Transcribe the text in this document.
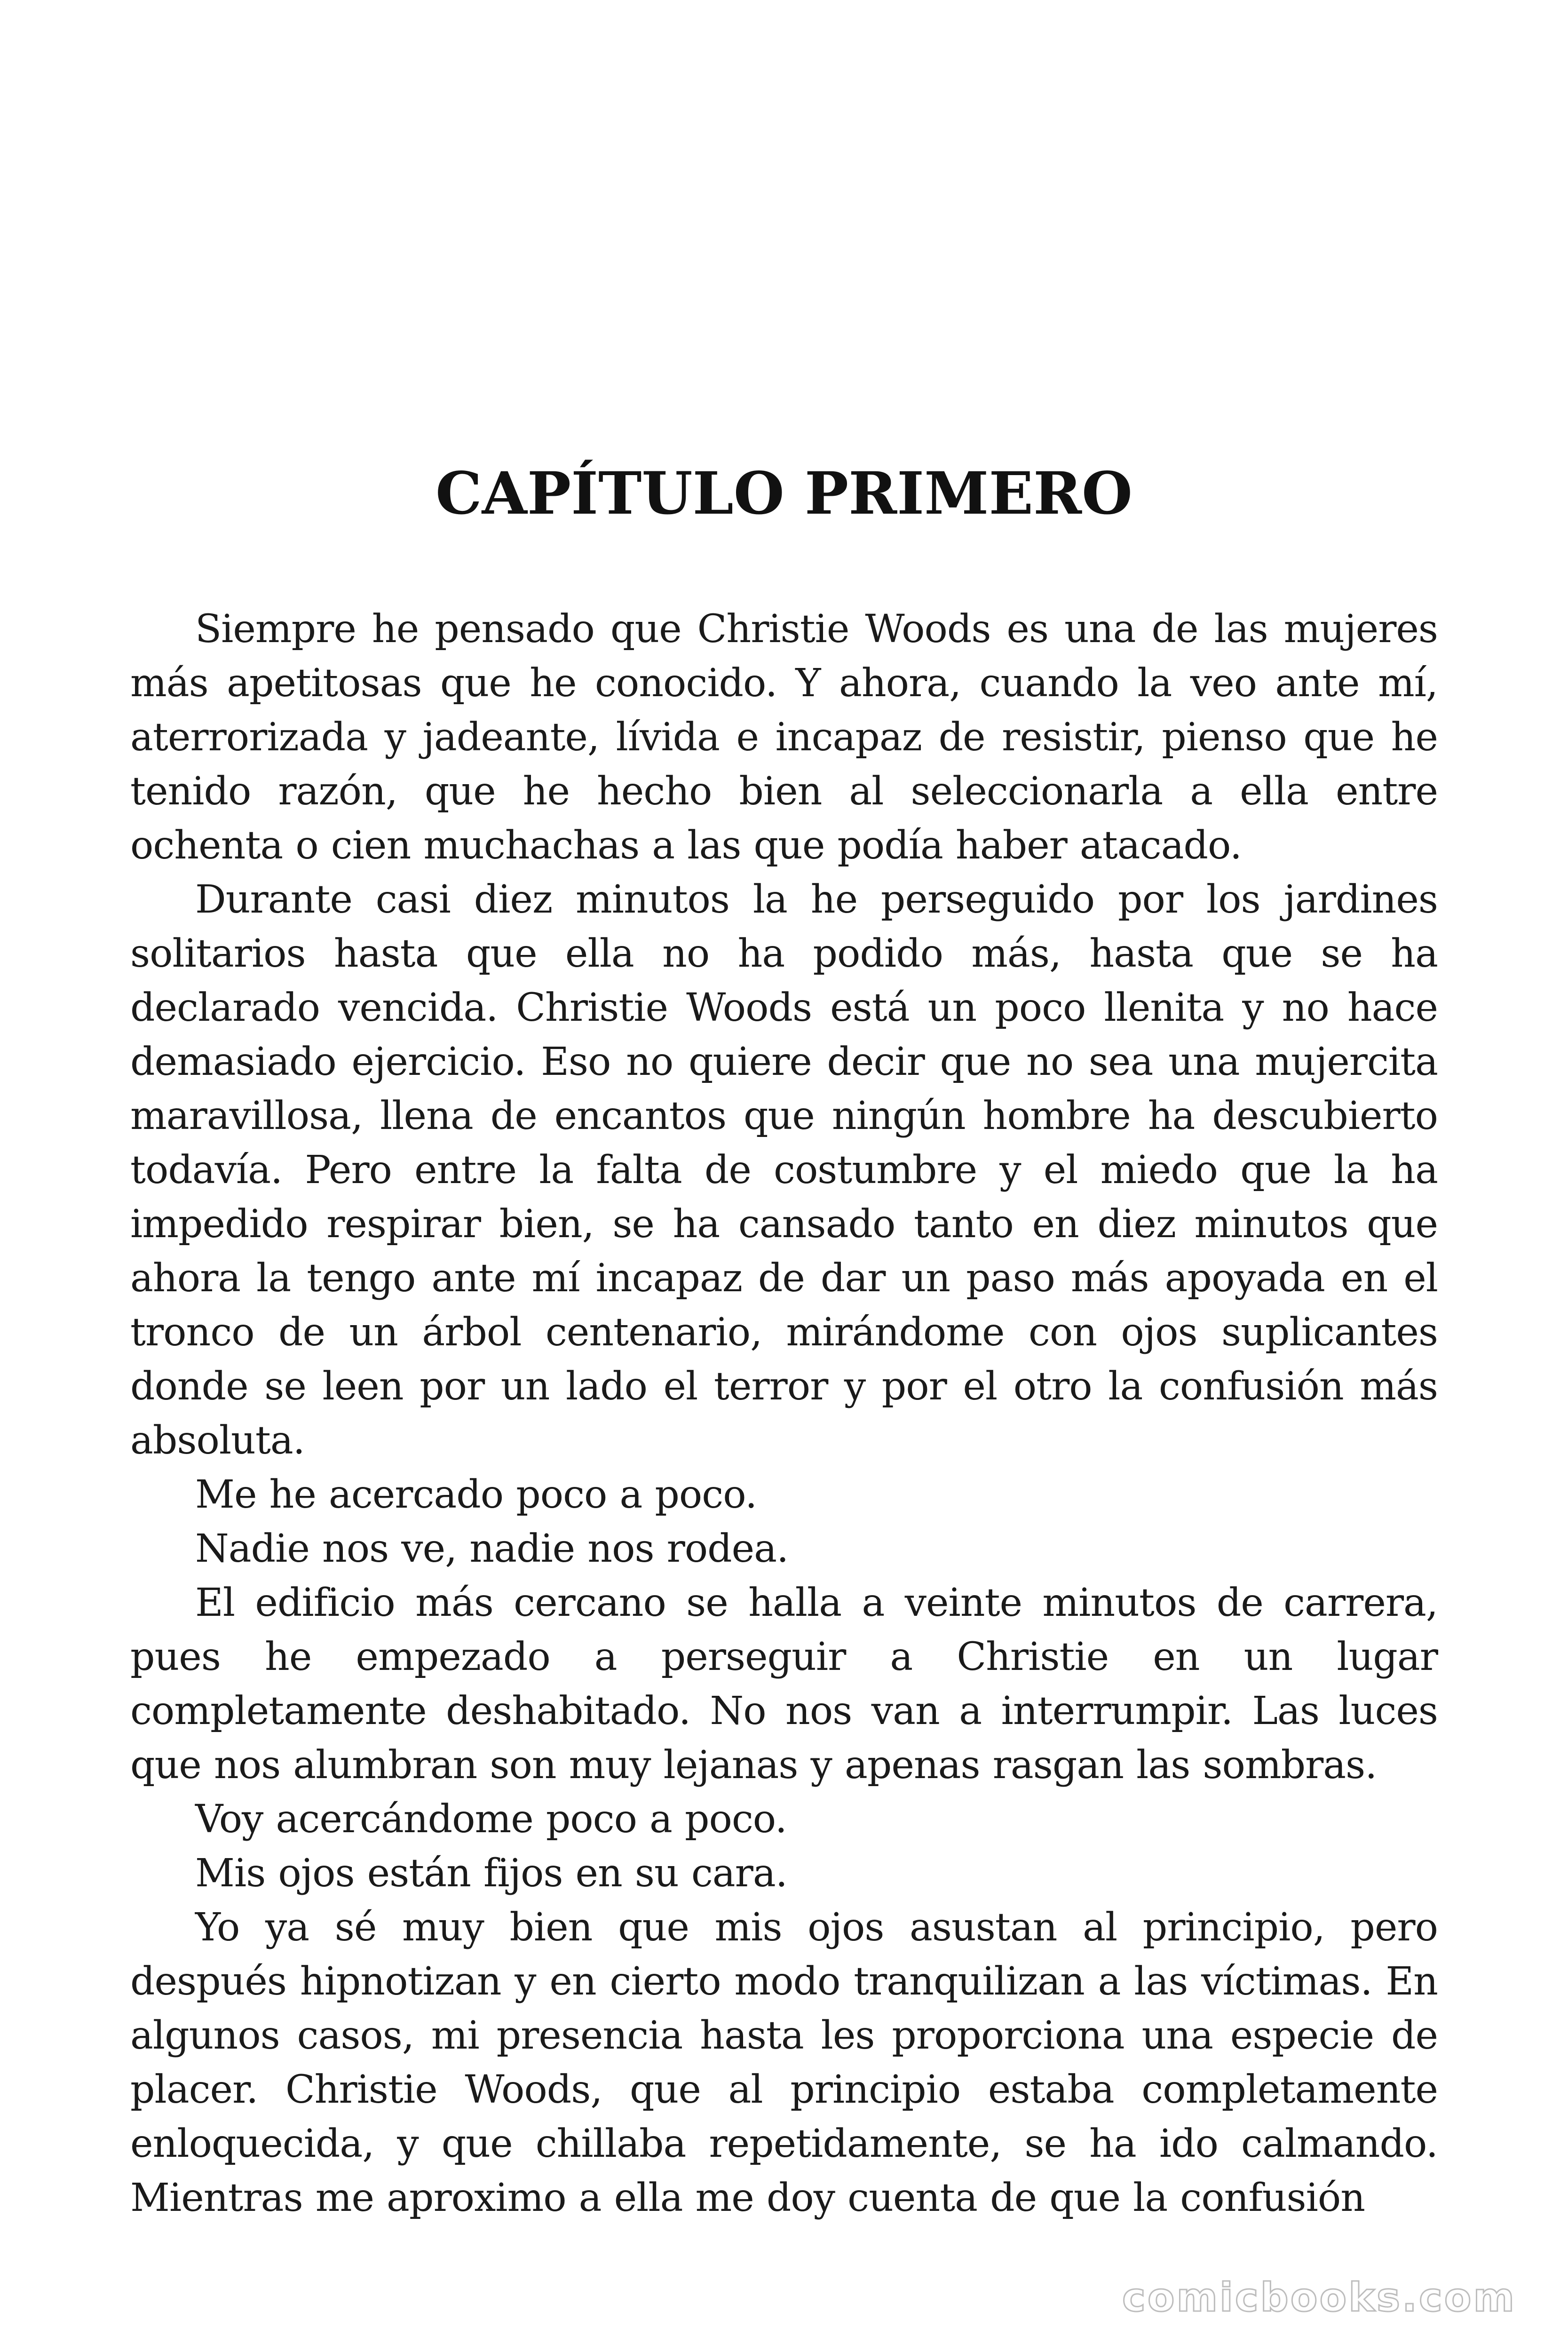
CAPÍTULO PRIMERO

Siempre he pensado que Christie Woods es una de las mujeres más apetitosas que he conocido. Y ahora, cuando la veo ante mí, aterrorizada y jadeante, lívida e incapaz de resistir, pienso que he tenido razón, que he hecho bien al seleccionarla a ella entre ochenta o cien muchachas a las que podía haber atacado.

Durante casi diez minutos la he perseguido por los jardines solitarios hasta que ella no ha podido más, hasta que se ha declarado vencida. Christie Woods está un poco llenita y no hace demasiado ejercicio. Eso no quiere decir que no sea una mujercita maravillosa, llena de encantos que ningún hombre ha descubierto todavía. Pero entre la falta de costumbre y el miedo que la ha impedido respirar bien, se ha cansado tanto en diez minutos que ahora la tengo ante mí incapaz de dar un paso más apoyada en el tronco de un árbol centenario, mirándome con ojos suplicantes donde se leen por un lado el terror y por el otro la confusión más absoluta.

Me he acercado poco a poco.

Nadie nos ve, nadie nos rodea.

El edificio más cercano se halla a veinte minutos de carrera, pues he empezado a perseguir a Christie en un lugar completamente deshabitado. No nos van a interrumpir. Las luces que nos alumbran son muy lejanas y apenas rasgan las sombras.

Voy acercándome poco a poco.

Mis ojos están fijos en su cara.

Yo ya sé muy bien que mis ojos asustan al principio, pero después hipnotizan y en cierto modo tranquilizan a las víctimas. En algunos casos, mi presencia hasta les proporciona una especie de placer. Christie Woods, que al principio estaba completamente enloquecida, y que chillaba repetidamente, se ha ido calmando. Mientras me aproximo a ella me doy cuenta de que la confusión

comicbooks.com
